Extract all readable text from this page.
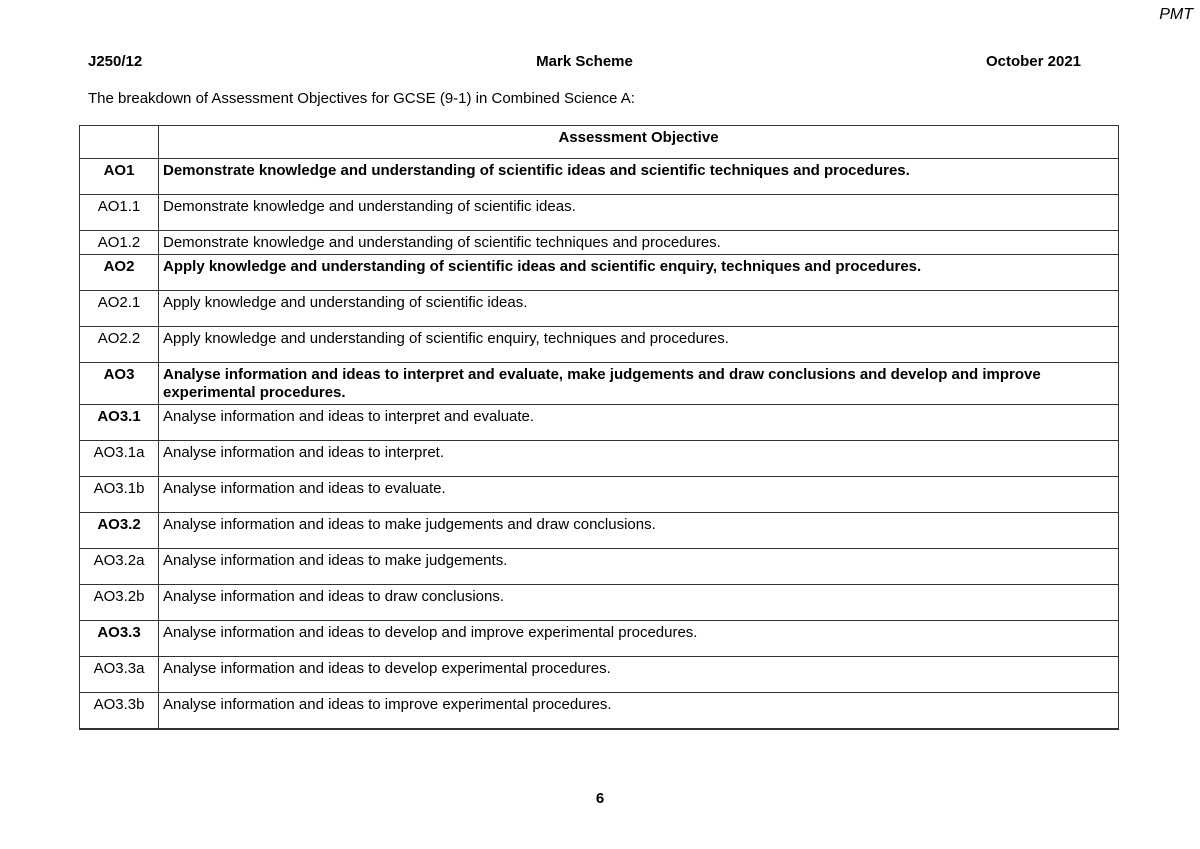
PMT
J250/12	Mark Scheme	October 2021
The breakdown of Assessment Objectives for GCSE (9-1) in Combined Science A:
	Assessment Objective
AO1	Demonstrate knowledge and understanding of scientific ideas and scientific techniques and procedures.
AO1.1	Demonstrate knowledge and understanding of scientific ideas.
AO1.2	Demonstrate knowledge and understanding of scientific techniques and procedures.
AO2	Apply knowledge and understanding of scientific ideas and scientific enquiry, techniques and procedures.
AO2.1	Apply knowledge and understanding of scientific ideas.
AO2.2	Apply knowledge and understanding of scientific enquiry, techniques and procedures.
AO3	Analyse information and ideas to interpret and evaluate, make judgements and draw conclusions and develop and improve experimental procedures.
AO3.1	Analyse information and ideas to interpret and evaluate.
AO3.1a	Analyse information and ideas to interpret.
AO3.1b	Analyse information and ideas to evaluate.
AO3.2	Analyse information and ideas to make judgements and draw conclusions.
AO3.2a	Analyse information and ideas to make judgements.
AO3.2b	Analyse information and ideas to draw conclusions.
AO3.3	Analyse information and ideas to develop and improve experimental procedures.
AO3.3a	Analyse information and ideas to develop experimental procedures.
AO3.3b	Analyse information and ideas to improve experimental procedures.
6
